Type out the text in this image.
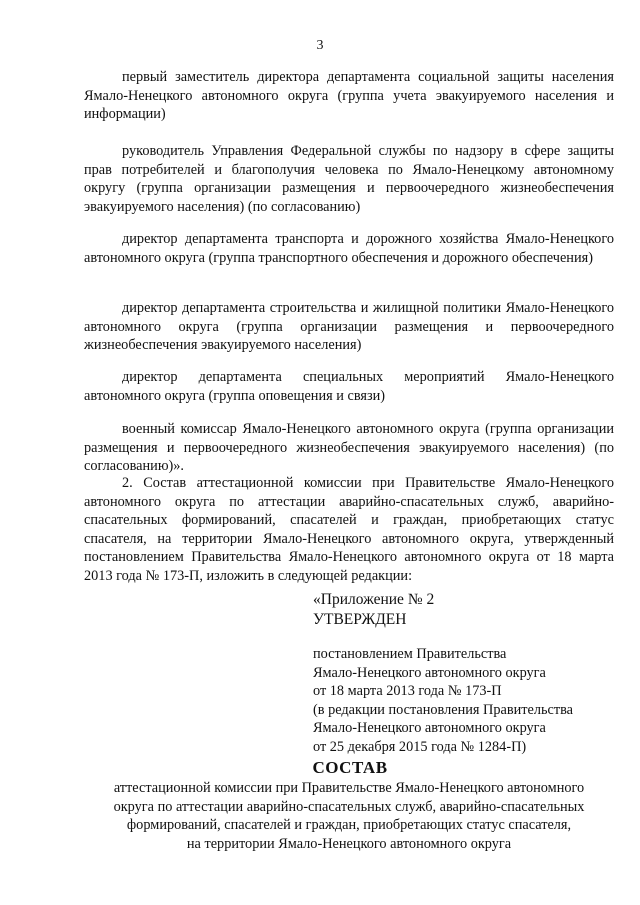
3

первый заместитель директора департамента социальной защиты населения Ямало-Ненецкого автономного округа (группа учета эвакуируемого населения и информации)

руководитель Управления Федеральной службы по надзору в сфере защиты прав потребителей и благополучия человека по Ямало-Ненецкому автономному округу (группа организации размещения и первоочередного жизнеобеспечения эвакуируемого населения) (по согласованию)

директор департамента транспорта и дорожного хозяйства Ямало-Ненецкого автономного округа (группа транспортного обеспечения и дорожного обеспечения)

директор департамента строительства и жилищной политики Ямало-Ненецкого автономного округа (группа организации размещения и первоочередного жизнеобеспечения эвакуируемого населения)

директор департамента специальных мероприятий Ямало-Ненецкого автономного округа (группа оповещения и связи)

военный комиссар Ямало-Ненецкого автономного округа (группа организации размещения и первоочередного жизнеобеспечения эвакуируемого населения) (по согласованию)».

2. Состав аттестационной комиссии при Правительстве Ямало-Ненецкого автономного округа по аттестации аварийно-спасательных служб, аварийно-спасательных формирований, спасателей и граждан, приобретающих статус спасателя, на территории Ямало-Ненецкого автономного округа, утвержденный постановлением Правительства Ямало-Ненецкого автономного округа от 18 марта 2013 года № 173-П, изложить в следующей редакции:

«Приложение № 2
УТВЕРЖДЕН
постановлением Правительства
Ямало-Ненецкого автономного округа
от 18 марта 2013 года № 173-П
(в редакции постановления Правительства
Ямало-Ненецкого автономного округа
от 25 декабря 2015 года № 1284-П)
СОСТАВ
аттестационной комиссии при Правительстве Ямало-Ненецкого автономного
округа по аттестации аварийно-спасательных служб, аварийно-спасательных
формирований, спасателей и граждан, приобретающих статус спасателя,
на территории Ямало-Ненецкого автономного округа
